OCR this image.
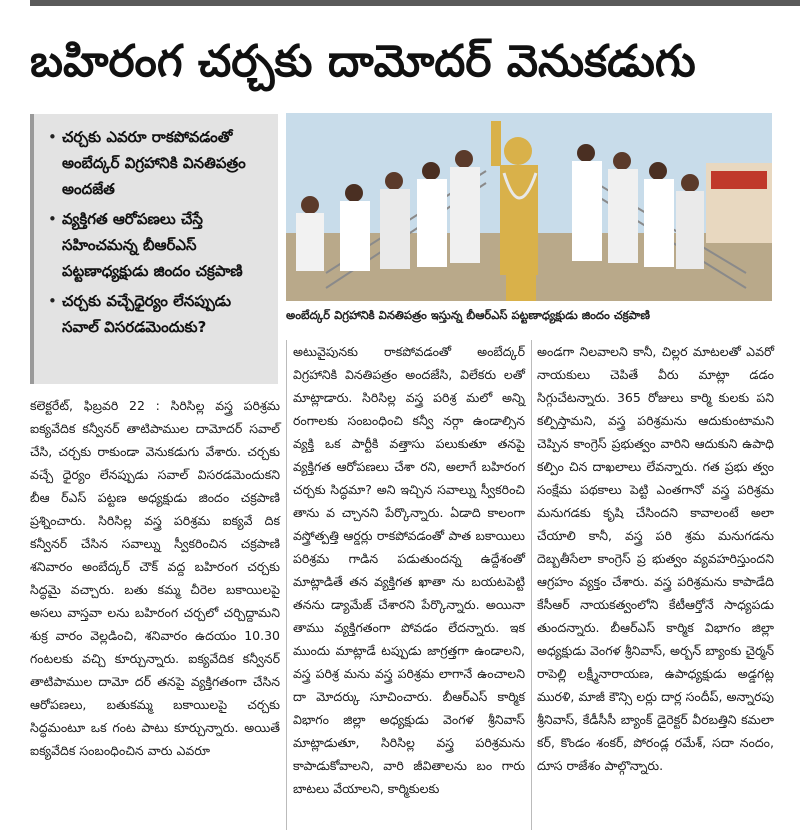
బహిరంగ చర్చకు దామోదర్ వెనుకడుగు
• చర్చకు ఎవరూ రాకపోవడంతో అంబేద్కర్ విగ్రహానికి వినతిపత్రం అందజేత
• వ్యక్తిగత ఆరోపణలు చేస్తే సహించమన్న బీఆర్ఎస్ పట్టణాధ్యక్షుడు జిందం చక్రపాణి
• చర్చకు వచ్చేధైర్యం లేనప్పుడు సవాల్ విసరడమెందుకు?
అంబేద్కర్ విగ్రహానికి వినతిపత్రం ఇస్తున్న బీఆర్ఎస్ పట్టణాధ్యక్షుడు జిందం చక్రపాణి

కలెక్టరేట్, ఫిబ్రవరి 22 : సిరిసిల్ల వస్త్ర పరిశ్రమ ఐక్యవేదిక కన్వీనర్ తాటిపాముల దామోదర్ సవాల్ చేసి, చర్చకు రాకుండా వెనుకడుగు వేశారు. చర్చకు వచ్చే ధైర్యం లేనప్పుడు సవాల్ విసరడమెందుకని బీఆ ర్ఎస్ పట్టణ అధ్యక్షుడు జిందం చక్రపాణి ప్రశ్నించారు. సిరిసిల్ల వస్త్ర పరిశ్రమ ఐక్యవే దిక కన్వీనర్ చేసిన సవాల్ను స్వీకరించిన చక్రపాణి శనివారం అంబేద్కర్ చౌక్ వద్ద బహిరంగ చర్చకు సిద్ధమై వచ్చారు. బతు కమ్మ చీరెల బకాయిలపై అసలు వాస్తవా లను బహిరంగ చర్చలో చర్చిద్దామని శుక్ర వారం వెల్లడించి, శనివారం ఉదయం 10.30 గంటలకు వచ్చి కూర్చున్నారు. ఐక్యవేదిక కన్వీనర్ తాటిపాముల దామో దర్ తనపై వ్యక్తిగతంగా చేసిన ఆరోపణలు, బతుకమ్మ బకాయిలపై చర్చకు సిద్ధమంటూ ఒక గంట పాటు కూర్చున్నారు. అయితే ఐక్యవేదిక సంబంధించిన వారు ఎవరూ

అటువైపునకు రాకపోవడంతో అంబేద్కర్ విగ్రహానికి వినతిపత్రం అందజేసి, విలేకరు లతో మాట్లాడారు. సిరిసిల్ల వస్త్ర పరిశ్ర మలో అన్ని రంగాలకు సంబంధించి కన్వీ నర్గా ఉండాల్సిన వ్యక్తి ఒక పార్టీకి వత్తాసు పలుకుతూ తనపై వ్యక్తిగత ఆరోపణలు చేశా రని, అలాగే బహిరంగ చర్చకు సిద్ధమా? అని ఇచ్చిన సవాల్ను స్వీకరించి తాను వ చ్చానని పేర్కొన్నారు. ఏడాది కాలంగా వస్త్రోత్పత్తి ఆర్డర్లు రాకపోవడంతో పాత బకాయిలు పరిశ్రమ గాడిన పడుతుందన్న ఉద్దేశంతో మాట్లాడితే తన వ్యక్తిగత ఖాతా ను బయటపెట్టి తనను డ్యామేజ్ చేశారని పేర్కొన్నారు. అయినా తాము వ్యక్తిగతంగా పోవడం లేదన్నారు. ఇక ముందు మాట్లాడే టప్పుడు జాగ్రత్తగా ఉండాలని, వస్త్ర పరిశ్ర మను వస్త్ర పరిశ్రమ లాగానే ఉంచాలని దా మోదర్కు సూచించారు. బీఆర్ఎస్ కార్మిక విభాగం జిల్లా అధ్యక్షుడు వెంగళ శ్రీనివాస్ మాట్లాడుతూ, సిరిసిల్ల వస్త్ర పరిశ్రమను కాపాడుకోవాలని, వారి జీవితాలను బం గారు బాటలు వేయాలని, కార్మికులకు

అండగా నిలవాలని కానీ, చిల్లర మాటలతో ఎవరో నాయకులు చెపితే వీరు మాట్లా డడం సిగ్గుచేటన్నారు. 365 రోజులు కార్మి కులకు పని కల్పిస్తామని, వస్త్ర పరిశ్రమను ఆదుకుంటామని చెప్పిన కాంగ్రెస్ ప్రభుత్వం వారిని ఆదుకుని ఉపాధి కల్పిం చిన దాఖలాలు లేవన్నారు. గత ప్రభు త్వం సంక్షేమ పథకాలు పెట్టి ఎంతగానో వస్త్ర పరిశ్రమ మనుగడకు కృషి చేసిందని కావాలంటే అలా చేయాలి కానీ, వస్త్ర పరి శ్రమ మనుగడను దెబ్బతీసేలా కాంగ్రెస్ ప్ర భుత్వం వ్యవహరిస్తుందని ఆగ్రహం వ్యక్తం చేశారు. వస్త్ర పరిశ్రమను కాపాడేది కేసీఆర్ నాయకత్వంలోని కేటీఆర్తోనే సాధ్యపడు తుందన్నారు. బీఆర్ఎస్ కార్మిక విభాగం జిల్లా అధ్యక్షుడు వెంగళ శ్రీనివాస్, అర్బన్ బ్యాంకు చైర్మన్ రాపెల్లి లక్ష్మీనారాయణ, ఉపాధ్యక్షుడు అడ్డగట్ల మురళి, మాజీ కౌన్సి లర్లు దార్ల సందీప్, అన్నారపు శ్రీనివాస్, కేడీసీసీ బ్యాంక్ డైరెక్టర్ వీరబత్తిని కమలా కర్, కొండం శంకర్, పోరండ్ల రమేశ్, సదా నందం, దూస రాజేశం పాల్గొన్నారు.
